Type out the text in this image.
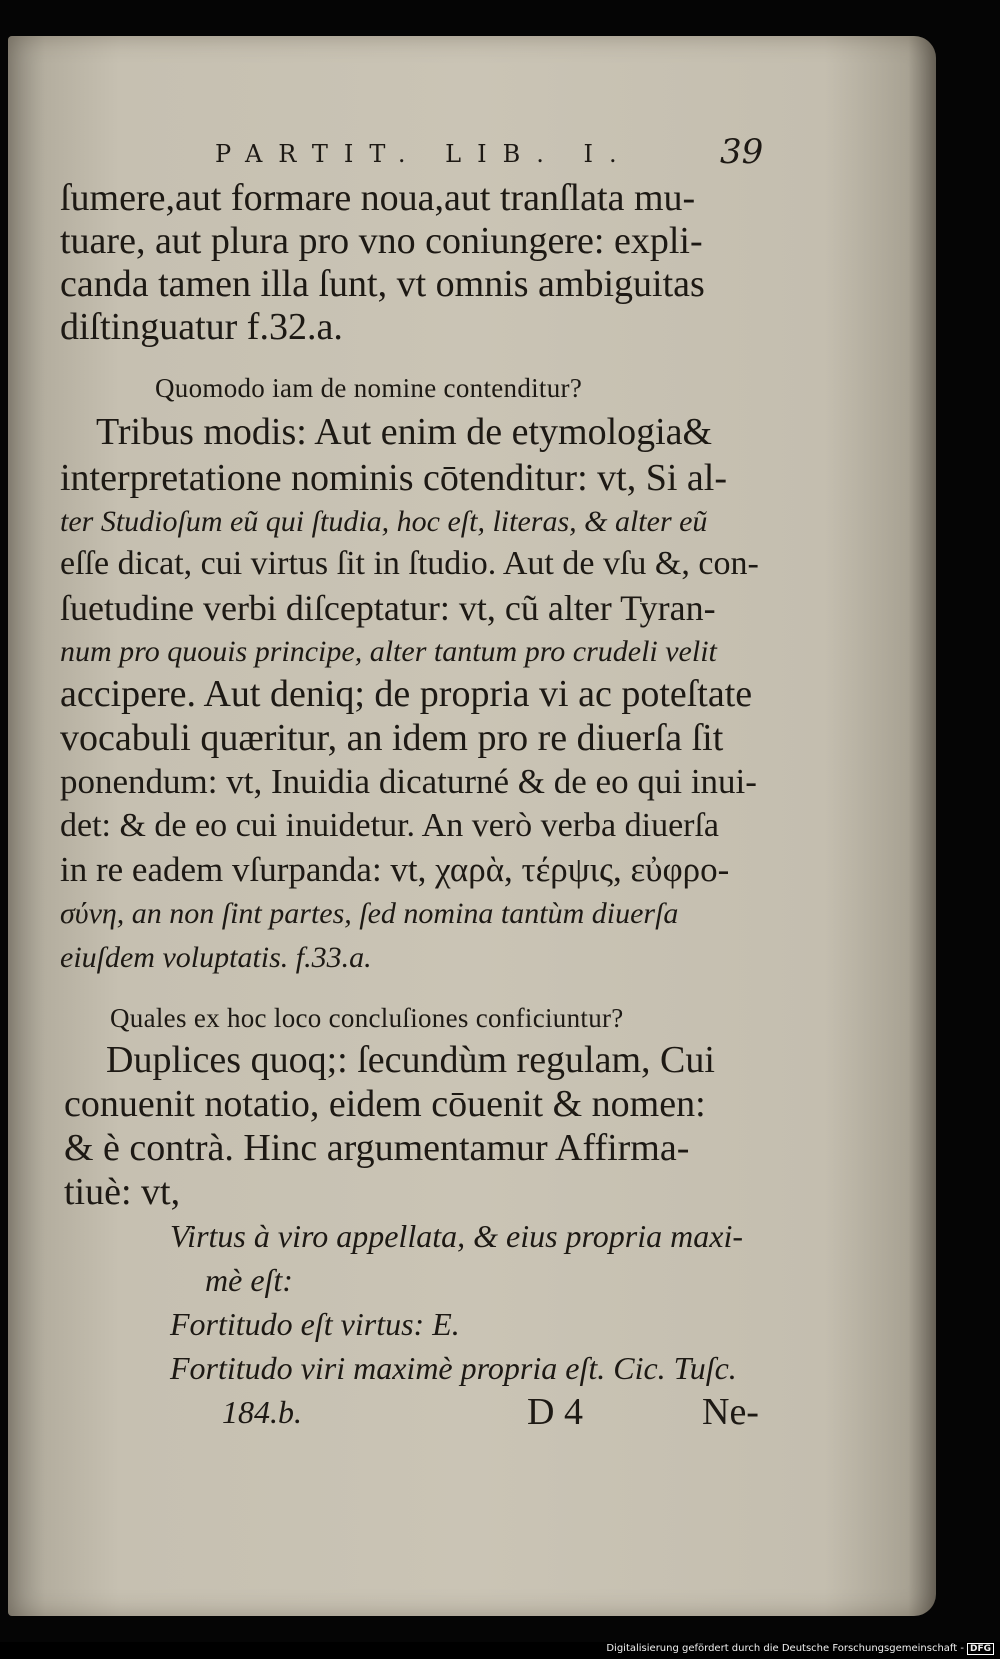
PARTIT. LIB. I.	39
ſumere,aut formare noua,aut tranſlata mu-
tuare, aut plura pro vno coniungere: expli-
canda tamen illa ſunt, vt omnis ambiguitas
diſtinguatur f.32.a.
Quomodo iam de nomine contenditur?
Tribus modis: Aut enim de etymologia&
interpretatione nominis cōtenditur: vt, Si al-
ter Studioſum eũ qui ſtudia, hoc eſt, literas, & alter eũ
eſſe dicat, cui virtus ſit in ſtudio. Aut de vſu &, con-
ſuetudine verbi diſceptatur: vt, cũ alter Tyran-
num pro quouis principe, alter tantum pro crudeli velit
accipere. Aut deniq; de propria vi ac poteſtate
vocabuli quæritur, an idem pro re diuerſa ſit
ponendum: vt, Inuidia dicaturné & de eo qui inui-
det: & de eo cui inuidetur. An verò verba diuerſa
in re eadem vſurpanda: vt, χαρὰ, τέρψις, εὐφρο-
σύνη, an non ſint partes, ſed nomina tantùm diuerſa
eiuſdem voluptatis. f.33.a.
Quales ex hoc loco concluſiones conficiuntur?
Duplices quoq;: ſecundùm regulam, Cui
conuenit notatio, eidem cōuenit & nomen:
& è contrà. Hinc argumentamur Affirma-
tiuè: vt,
Virtus à viro appellata, & eius propria maxi-
mè eſt:
Fortitudo eſt virtus: E.
Fortitudo viri maximè propria eſt. Cic. Tuſc.
184.b.	D 4	Ne-
Digitalisierung gefördert durch die Deutsche Forschungsgemeinschaft - DFG
